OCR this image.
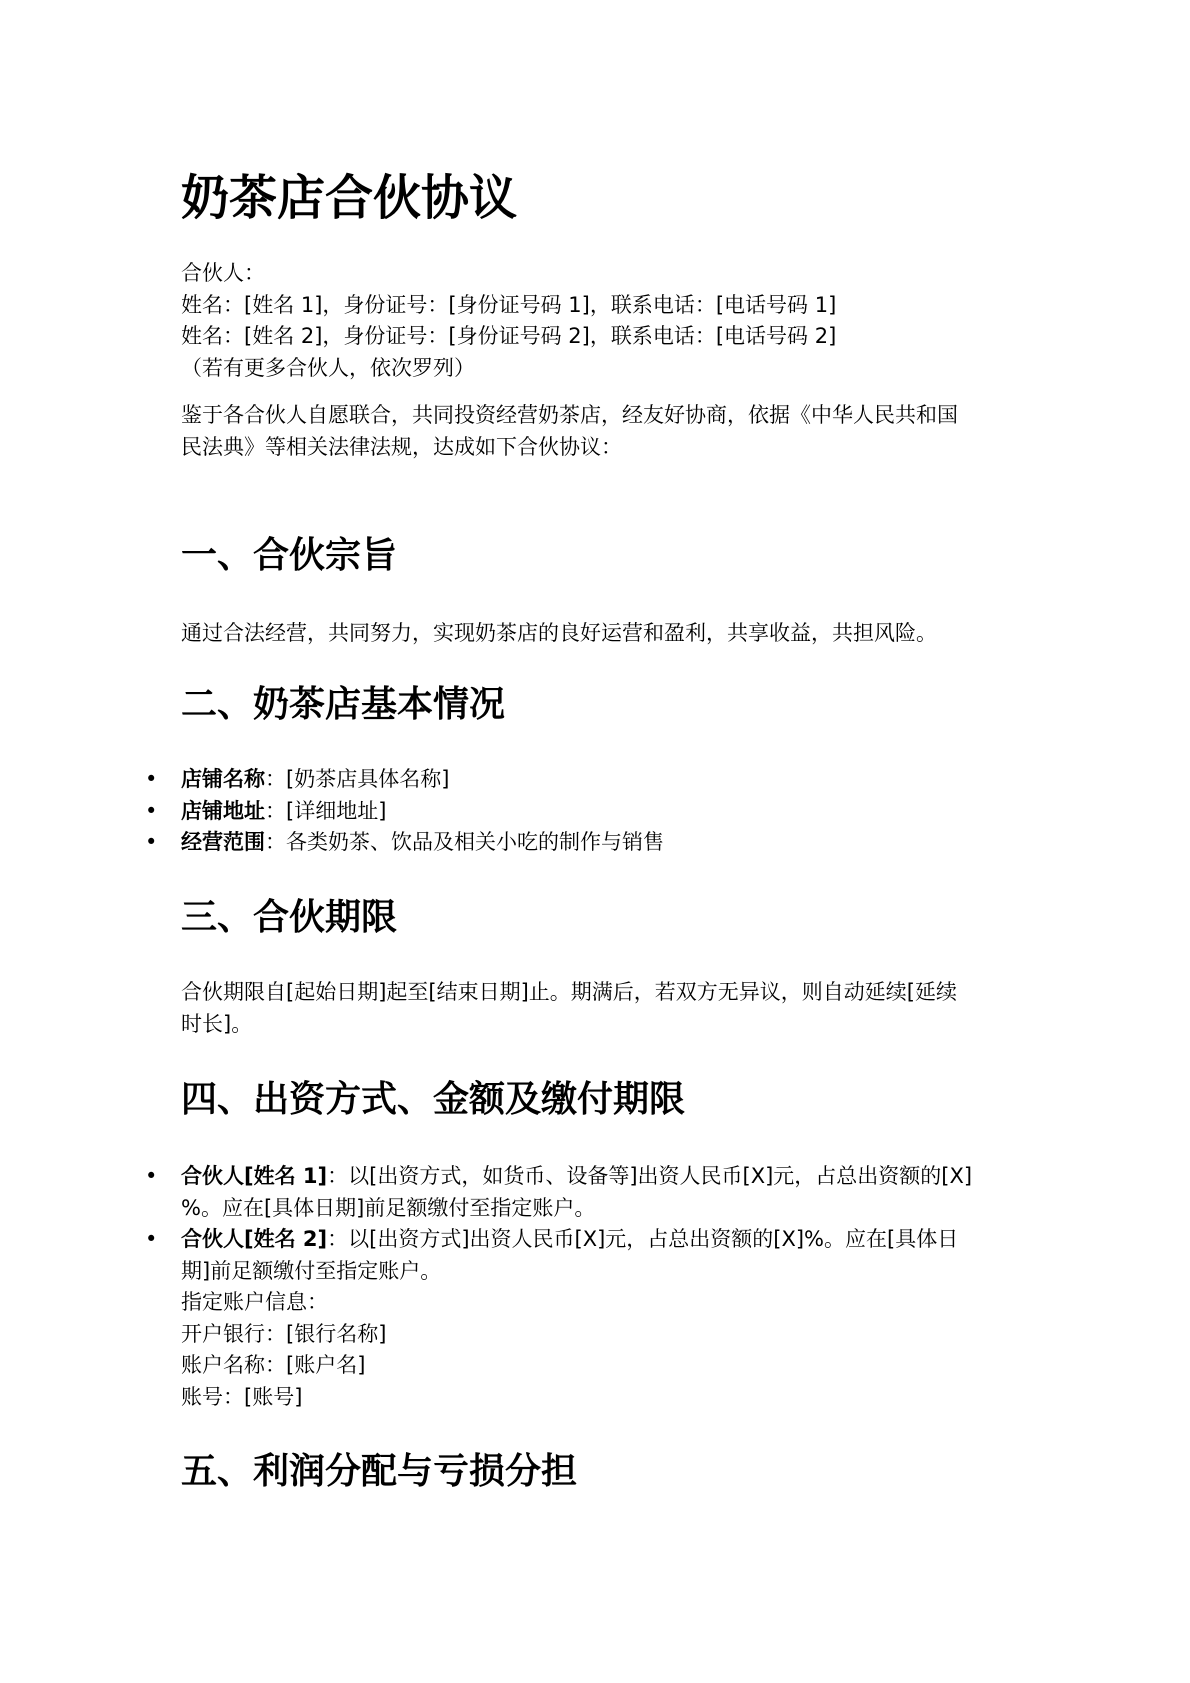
奶茶店合伙协议
合伙人：
姓名：[姓名 1]，身份证号：[身份证号码 1]，联系电话：[电话号码 1]
姓名：[姓名 2]，身份证号：[身份证号码 2]，联系电话：[电话号码 2]
（若有更多合伙人，依次罗列）
鉴于各合伙人自愿联合，共同投资经营奶茶店，经友好协商，依据《中华人民共和国
民法典》等相关法律法规，达成如下合伙协议：
一、合伙宗旨

通过合法经营，共同努力，实现奶茶店的良好运营和盈利，共享收益，共担风险。

二、奶茶店基本情况
• 店铺名称：[奶茶店具体名称]
• 店铺地址：[详细地址]
• 经营范围：各类奶茶、饮品及相关小吃的制作与销售
三、合伙期限
合伙期限自[起始日期]起至[结束日期]止。期满后，若双方无异议，则自动延续[延续
时长]。
四、出资方式、金额及缴付期限
• 合伙人[姓名 1]：以[出资方式，如货币、设备等]出资人民币[X]元，占总出资额的[X]
%。应在[具体日期]前足额缴付至指定账户。
• 合伙人[姓名 2]：以[出资方式]出资人民币[X]元，占总出资额的[X]%。应在[具体日
期]前足额缴付至指定账户。
指定账户信息：
开户银行：[银行名称]
账户名称：[账户名]
账号：[账号]
五、利润分配与亏损分担
